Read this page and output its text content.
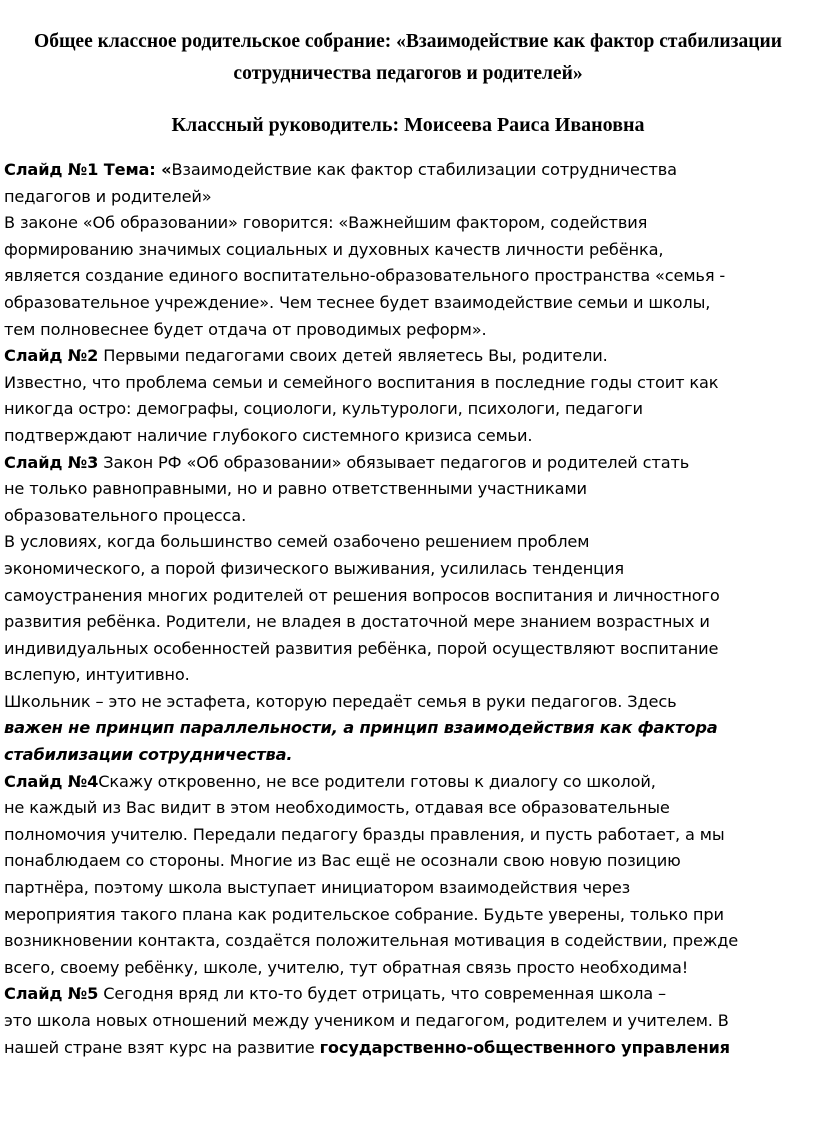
Общее классное родительское собрание: «Взаимодействие как фактор стабилизации
сотрудничества педагогов и родителей»
Классный руководитель: Моисеева Раиса Ивановна
Слайд №1 Тема: «Взаимодействие как фактор стабилизации сотрудничества
педагогов и родителей»
В законе «Об образовании» говорится: «Важнейшим фактором, содействия
формированию значимых социальных и духовных качеств личности ребёнка,
является создание единого воспитательно-образовательного пространства «семья -
образовательное учреждение». Чем теснее будет взаимодействие семьи и школы,
тем полновеснее будет отдача от проводимых реформ».
Слайд №2 Первыми педагогами своих детей являетесь Вы, родители.
Известно, что проблема семьи и семейного воспитания в последние годы стоит как
никогда остро: демографы, социологи, культурологи, психологи, педагоги
подтверждают наличие глубокого системного кризиса семьи.
Слайд №3 Закон РФ «Об образовании» обязывает педагогов и родителей стать
не только равноправными, но и равно ответственными участниками
образовательного процесса.
В условиях, когда большинство семей озабочено решением проблем
экономического, а порой физического выживания, усилилась тенденция
самоустранения многих родителей от решения вопросов воспитания и личностного
развития ребёнка. Родители, не владея в достаточной мере знанием возрастных и
индивидуальных особенностей развития ребёнка, порой осуществляют воспитание
вслепую, интуитивно.
Школьник – это не эстафета, которую передаёт семья в руки педагогов. Здесь
важен не принцип параллельности, а принцип взаимодействия как фактора
стабилизации сотрудничества.
Слайд №4Скажу откровенно, не все родители готовы к диалогу со школой,
не каждый из Вас видит в этом необходимость, отдавая все образовательные
полномочия учителю. Передали педагогу бразды правления, и пусть работает, а мы
понаблюдаем со стороны. Многие из Вас ещё не осознали свою новую позицию
партнёра, поэтому школа выступает инициатором взаимодействия через
мероприятия такого плана как родительское собрание. Будьте уверены, только при
возникновении контакта, создаётся положительная мотивация в содействии, прежде
всего, своему ребёнку, школе, учителю, тут обратная связь просто необходима!
Слайд №5 Сегодня вряд ли кто-то будет отрицать, что современная школа –
это школа новых отношений между учеником и педагогом, родителем и учителем. В
нашей стране взят курс на развитие государственно-общественного управления
